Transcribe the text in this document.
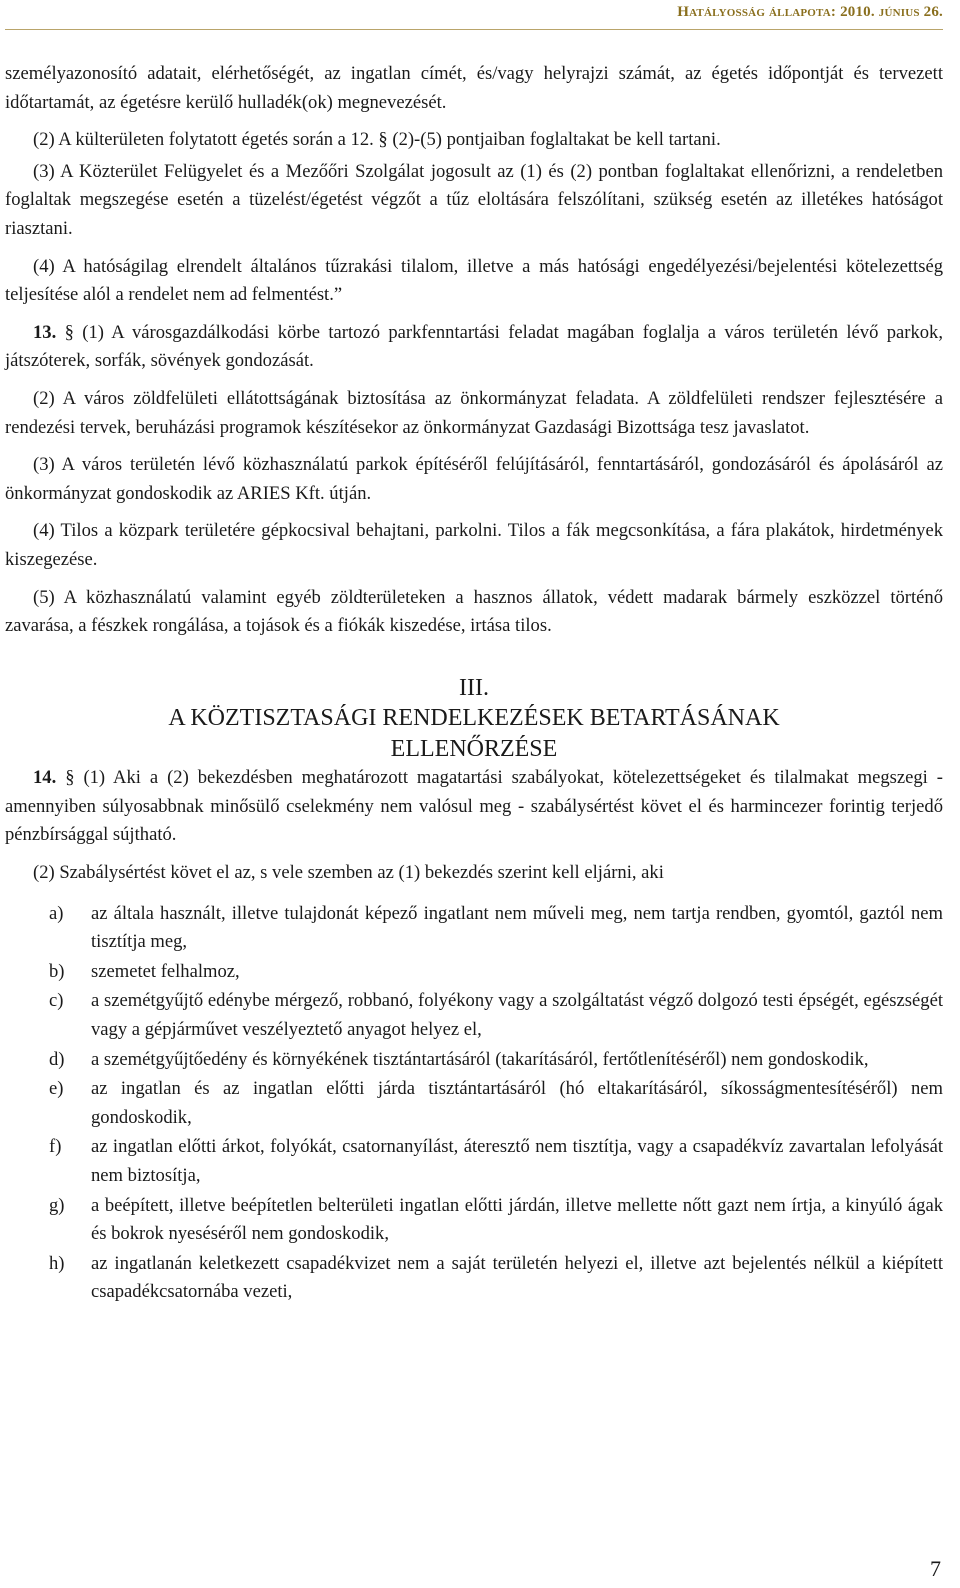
Hatályosság állapota: 2010. június 26.

személyazonosító adatait, elérhetőségét, az ingatlan címét, és/vagy helyrajzi számát, az égetés időpontját és tervezett időtartamát, az égetésre kerülő hulladék(ok) megnevezését.

(2) A külterületen folytatott égetés során a 12. § (2)-(5) pontjaiban foglaltakat be kell tartani.

(3) A Közterület Felügyelet és a Mezőőri Szolgálat jogosult az (1) és (2) pontban foglaltakat ellenőrizni, a rendeletben foglaltak megszegése esetén a tüzelést/égetést végzőt a tűz eloltására felszólítani, szükség esetén az illetékes hatóságot riasztani.

(4) A hatóságilag elrendelt általános tűzrakási tilalom, illetve a más hatósági engedélyezési/bejelentési kötelezettség teljesítése alól a rendelet nem ad felmentést.”

13. § (1) A városgazdálkodási körbe tartozó parkfenntartási feladat magában foglalja a város területén lévő parkok, játszóterek, sorfák, sövények gondozását.

(2) A város zöldfelületi ellátottságának biztosítása az önkormányzat feladata. A zöldfelületi rendszer fejlesztésére a rendezési tervek, beruházási programok készítésekor az önkormányzat Gazdasági Bizottsága tesz javaslatot.

(3) A város területén lévő közhasználatú parkok építéséről felújításáról, fenntartásáról, gondozásáról és ápolásáról az önkormányzat gondoskodik az ARIES Kft. útján.

(4) Tilos a közpark területére gépkocsival behajtani, parkolni. Tilos a fák megcsonkítása, a fára plakátok, hirdetmények kiszegezése.

(5) A közhasználatú valamint egyéb zöldterületeken a hasznos állatok, védett madarak bármely eszközzel történő zavarása, a fészkek rongálása, a tojások és a fiókák kiszedése, irtása tilos.

III.
A KÖZTISZTASÁGI RENDELKEZÉSEK BETARTÁSÁNAK
ELLENŐRZÉSE

14. § (1) Aki a (2) bekezdésben meghatározott magatartási szabályokat, kötelezettségeket és tilalmakat megszegi - amennyiben súlyosabbnak minősülő cselekmény nem valósul meg - szabálysértést követ el és harmincezer forintig terjedő pénzbírsággal sújtható.

(2) Szabálysértést követ el az, s vele szemben az (1) bekezdés szerint kell eljárni, aki

a) az általa használt, illetve tulajdonát képező ingatlant nem műveli meg, nem tartja rendben, gyomtól, gaztól nem tisztítja meg,
b) szemetet felhalmoz,
c) a szemétgyűjtő edénybe mérgező, robbanó, folyékony vagy a szolgáltatást végző dolgozó testi épségét, egészségét vagy a gépjárművet veszélyeztető anyagot helyez el,
d) a szemétgyűjtőedény és környékének tisztántartásáról (takarításáról, fertőtlenítéséről) nem gondoskodik,
e) az ingatlan és az ingatlan előtti járda tisztántartásáról (hó eltakarításáról, síkosságmentesítéséről) nem gondoskodik,
f) az ingatlan előtti árkot, folyókát, csatornanyílást, áteresztő nem tisztítja, vagy a csapadékvíz zavartalan lefolyását nem biztosítja,
g) a beépített, illetve beépítetlen belterületi ingatlan előtti járdán, illetve mellette nőtt gazt nem írtja, a kinyúló ágak és bokrok nyeséséről nem gondoskodik,
h) az ingatlanán keletkezett csapadékvizet nem a saját területén helyezi el, illetve azt bejelentés nélkül a kiépített csapadékcsatornába vezeti,
7
